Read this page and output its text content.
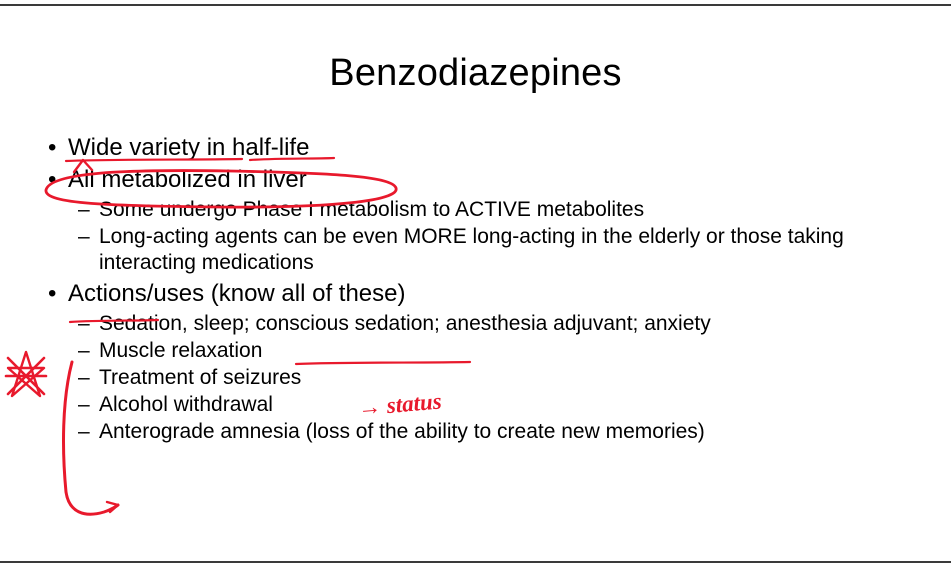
Benzodiazepines
• Wide variety in half-life
• All metabolized in liver
– Some undergo Phase I metabolism to ACTIVE metabolites
– Long-acting agents can be even MORE long-acting in the elderly or those taking interacting medications
• Actions/uses (know all of these)
– Sedation, sleep; conscious sedation; anesthesia adjuvant; anxiety
– Muscle relaxation
– Treatment of seizures
– Alcohol withdrawal
– Anterograde amnesia (loss of the ability to create new memories)
→ status
